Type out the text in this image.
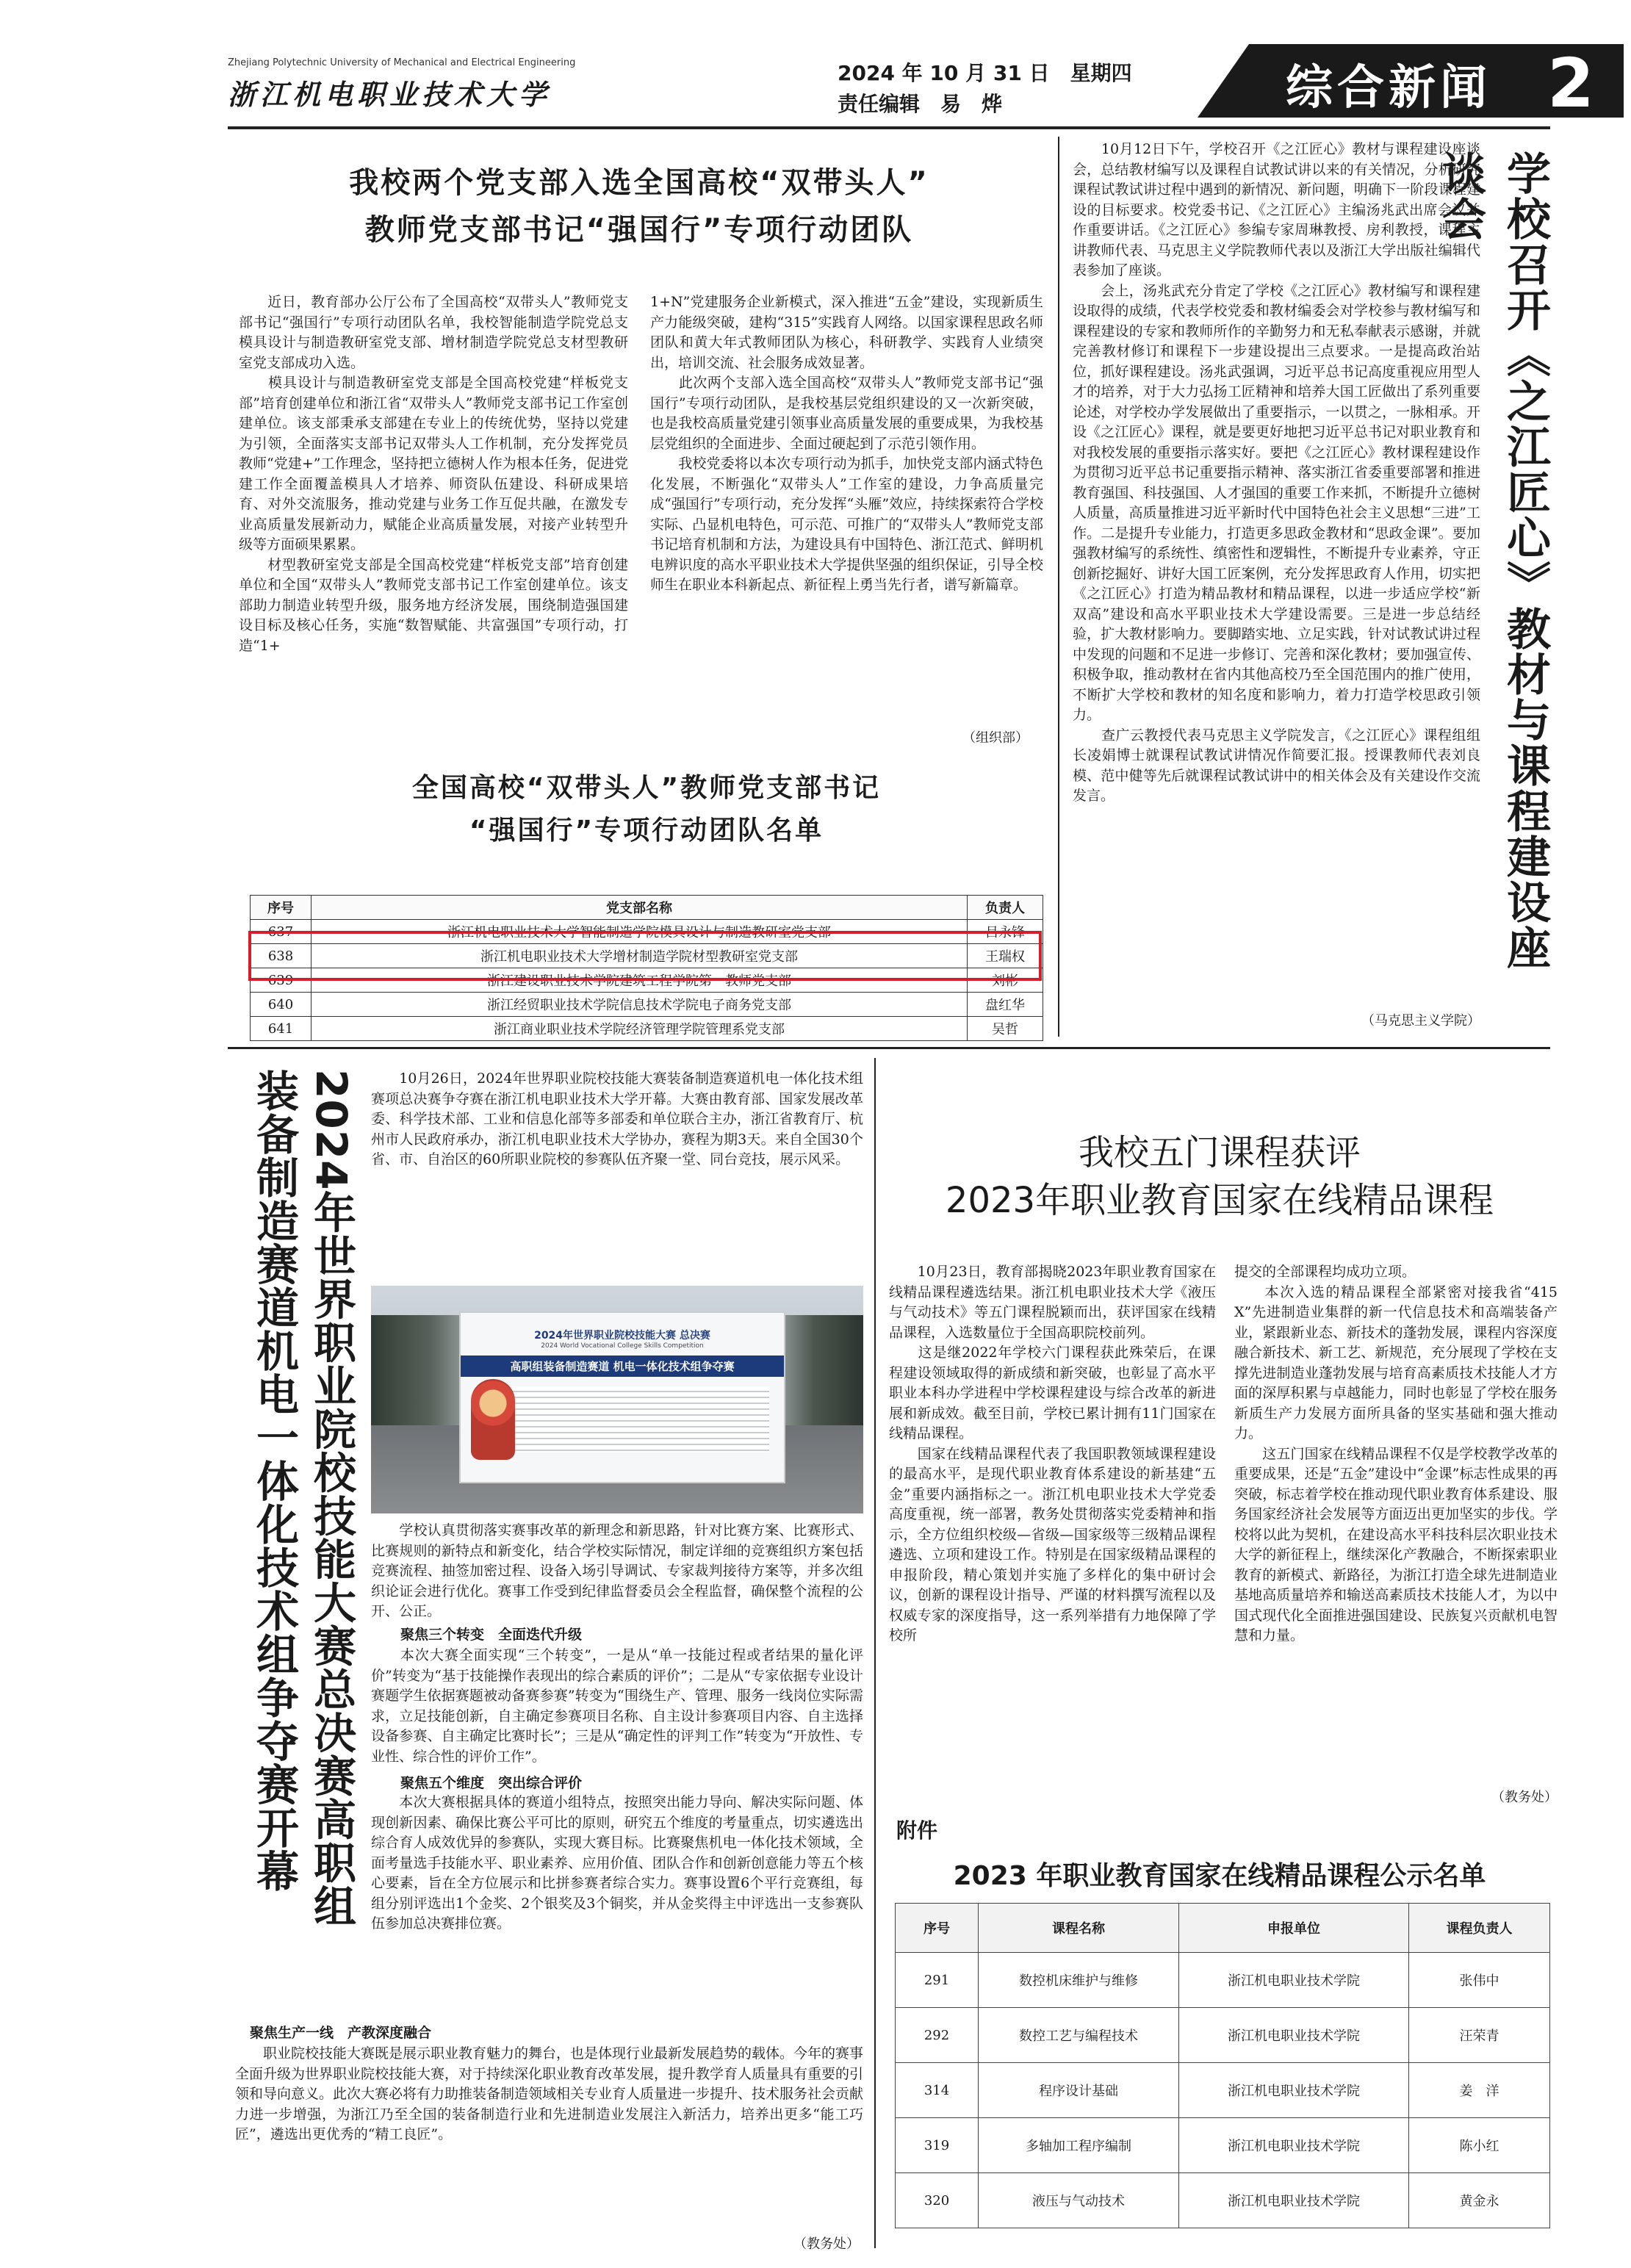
Zhejiang Polytechnic University of Mechanical and Electrical Engineering
浙江机电职业技术大学
2024 年 10 月 31 日　星期四
责任编辑　易　烨	综合新闻 2
我校两个党支部入选全国高校“双带头人”
教师党支部书记“强国行”专项行动团队
　　近日，教育部办公厅公布了全国高校“双带头人”教师党支部书记“强国行”专项行动团队名单，我校智能制造学院党总支模具设计与制造教研室党支部、增材制造学院党总支材型教研室党支部成功入选。
　　模具设计与制造教研室党支部是全国高校党建“样板党支部”培育创建单位和浙江省“双带头人”教师党支部书记工作室创建单位。该支部秉承支部建在专业上的传统优势，坚持以党建为引领，全面落实支部书记双带头人工作机制，充分发挥党员教师“党建+”工作理念，坚持把立德树人作为根本任务，促进党建工作全面覆盖模具人才培养、师资队伍建设、科研成果培育、对外交流服务，推动党建与业务工作互促共融，在激发专业高质量发展新动力，赋能企业高质量发展，对接产业转型升级等方面硕果累累。
　　材型教研室党支部是全国高校党建“样板党支部”培育创建单位和全国“双带头人”教师党支部书记工作室创建单位。该支部助力制造业转型升级，服务地方经济发展，围绕制造强国建设目标及核心任务，实施“数智赋能、共富强国”专项行动，打造“1+
1+N”党建服务企业新模式，深入推进“五金”建设，实现新质生产力能级突破，建构“315”实践育人网络。以国家课程思政名师团队和黄大年式教师团队为核心，科研教学、实践育人业绩突出，培训交流、社会服务成效显著。
　　此次两个支部入选全国高校“双带头人”教师党支部书记“强国行”专项行动团队，是我校基层党组织建设的又一次新突破，也是我校高质量党建引领事业高质量发展的重要成果，为我校基层党组织的全面进步、全面过硬起到了示范引领作用。
　　我校党委将以本次专项行动为抓手，加快党支部内涵式特色化发展，不断强化“双带头人”工作室的建设，力争高质量完成“强国行”专项行动，充分发挥“头雁”效应，持续探索符合学校实际、凸显机电特色，可示范、可推广的“双带头人”教师党支部书记培育机制和方法，为建设具有中国特色、浙江范式、鲜明机电辨识度的高水平职业技术大学提供坚强的组织保证，引导全校师生在职业本科新起点、新征程上勇当先行者，谱写新篇章。
（组织部）
全国高校“双带头人”教师党支部书记
“强国行”专项行动团队名单
序号	党支部名称	负责人
637	浙江机电职业技术大学智能制造学院模具设计与制造教研室党支部	吕永锋
638	浙江机电职业技术大学增材制造学院材型教研室党支部	王瑞权
639	浙江建设职业技术学院建筑工程学院第一教师党支部	刘彬
640	浙江经贸职业技术学院信息技术学院电子商务党支部	盘红华
641	浙江商业职业技术学院经济管理学院管理系党支部	吴哲
　　10月12日下午，学校召开《之江匠心》教材与课程建设座谈会，总结教材编写以及课程自试教试讲以来的有关情况，分析研究课程试教试讲过程中遇到的新情况、新问题，明确下一阶段课程建设的目标要求。校党委书记、《之江匠心》主编汤兆武出席会议并作重要讲话。《之江匠心》参编专家周琳教授、房利教授，课程主讲教师代表、马克思主义学院教师代表以及浙江大学出版社编辑代表参加了座谈。
　　会上，汤兆武充分肯定了学校《之江匠心》教材编写和课程建设取得的成绩，代表学校党委和教材编委会对学校参与教材编写和课程建设的专家和教师所作的辛勤努力和无私奉献表示感谢，并就完善教材修订和课程下一步建设提出三点要求。一是提高政治站位，抓好课程建设。汤兆武强调，习近平总书记高度重视应用型人才的培养，对于大力弘扬工匠精神和培养大国工匠做出了系列重要论述，对学校办学发展做出了重要指示，一以贯之，一脉相承。开设《之江匠心》课程，就是要更好地把习近平总书记对职业教育和对我校发展的重要指示落实好。要把《之江匠心》教材课程建设作为贯彻习近平总书记重要指示精神、落实浙江省委重要部署和推进教育强国、科技强国、人才强国的重要工作来抓，不断提升立德树人质量，高质量推进习近平新时代中国特色社会主义思想“三进”工作。二是提升专业能力，打造更多思政金教材和“思政金课”。要加强教材编写的系统性、缜密性和逻辑性，不断提升专业素养，守正创新挖掘好、讲好大国工匠案例，充分发挥思政育人作用，切实把《之江匠心》打造为精品教材和精品课程，以进一步适应学校“新双高”建设和高水平职业技术大学建设需要。三是进一步总结经验，扩大教材影响力。要脚踏实地、立足实践，针对试教试讲过程中发现的问题和不足进一步修订、完善和深化教材；要加强宣传、积极争取，推动教材在省内其他高校乃至全国范围内的推广使用，不断扩大学校和教材的知名度和影响力，着力打造学校思政引领力。
　　查广云教授代表马克思主义学院发言，《之江匠心》课程组组长凌娟博士就课程试教试讲情况作简要汇报。授课教师代表刘良模、范中健等先后就课程试教试讲中的相关体会及有关建设作交流发言。
（马克思主义学院）
学校召开《之江匠心》教材与课程建设座谈会
2024年世界职业院校技能大赛总决赛高职组装备制造赛道机电一体化技术组争夺赛开幕	　　10月26日，2024年世界职业院校技能大赛装备制造赛道机电一体化技术组赛项总决赛争夺赛在浙江机电职业技术大学开幕。大赛由教育部、国家发展改革委、科学技术部、工业和信息化部等多部委和单位联合主办，浙江省教育厅、杭州市人民政府承办，浙江机电职业技术大学协办，赛程为期3天。来自全国30个省、市、自治区的60所职业院校的参赛队伍齐聚一堂、同台竞技，展示风采。
2024年世界职业院校技能大赛 总决赛
2024 World Vocational College Skills Competition
高职组装备制造赛道 机电一体化技术组争夺赛
　　学校认真贯彻落实赛事改革的新理念和新思路，针对比赛方案、比赛形式、比赛规则的新特点和新变化，结合学校实际情况，制定详细的竞赛组织方案包括竞赛流程、抽签加密过程、设备入场引导调试、专家裁判接待方案等，并多次组织论证会进行优化。赛事工作受到纪律监督委员会全程监督，确保整个流程的公开、公正。
聚焦三个转变　全面迭代升级
　　本次大赛全面实现“三个转变”，一是从“单一技能过程或者结果的量化评价”转变为“基于技能操作表现出的综合素质的评价”；二是从“专家依据专业设计赛题学生依据赛题被动备赛参赛”转变为“围绕生产、管理、服务一线岗位实际需求，立足技能创新，自主确定参赛项目名称、自主设计参赛项目内容、自主选择设备参赛、自主确定比赛时长”；三是从“确定性的评判工作”转变为“开放性、专业性、综合性的评价工作”。
聚焦五个维度　突出综合评价
　　本次大赛根据具体的赛道小组特点，按照突出能力导向、解决实际问题、体现创新因素、确保比赛公平可比的原则，研究五个维度的考量重点，切实遴选出综合育人成效优异的参赛队，实现大赛目标。比赛聚焦机电一体化技术领域，全面考量选手技能水平、职业素养、应用价值、团队合作和创新创意能力等五个核心要素，旨在全方位展示和比拼参赛者综合实力。赛事设置6个平行竞赛组，每组分别评选出1个金奖、2个银奖及3个铜奖，并从金奖得主中评选出一支参赛队伍参加总决赛排位赛。
聚焦生产一线　产教深度融合
　　职业院校技能大赛既是展示职业教育魅力的舞台，也是体现行业最新发展趋势的载体。今年的赛事全面升级为世界职业院校技能大赛，对于持续深化职业教育改革发展，提升教学育人质量具有重要的引领和导向意义。此次大赛必将有力助推装备制造领域相关专业育人质量进一步提升、技术服务社会贡献力进一步增强，为浙江乃至全国的装备制造行业和先进制造业发展注入新活力，培养出更多“能工巧匠”，遴选出更优秀的“精工良匠”。
（教务处）
我校五门课程获评
2023年职业教育国家在线精品课程
　　10月23日，教育部揭晓2023年职业教育国家在线精品课程遴选结果。浙江机电职业技术大学《液压与气动技术》等五门课程脱颖而出，获评国家在线精品课程，入选数量位于全国高职院校前列。
　　这是继2022年学校六门课程获此殊荣后，在课程建设领域取得的新成绩和新突破，也彰显了高水平职业本科办学进程中学校课程建设与综合改革的新进展和新成效。截至目前，学校已累计拥有11门国家在线精品课程。
　　国家在线精品课程代表了我国职教领域课程建设的最高水平，是现代职业教育体系建设的新基建“五金”重要内涵指标之一。浙江机电职业技术大学党委高度重视，统一部署，教务处贯彻落实党委精神和指示，全方位组织校级—省级—国家级等三级精品课程遴选、立项和建设工作。特别是在国家级精品课程的申报阶段，精心策划并实施了多样化的集中研讨会议，创新的课程设计指导、严谨的材料撰写流程以及权威专家的深度指导，这一系列举措有力地保障了学校所
提交的全部课程均成功立项。
　　本次入选的精品课程全部紧密对接我省“415X”先进制造业集群的新一代信息技术和高端装备产业，紧跟新业态、新技术的蓬勃发展，课程内容深度融合新技术、新工艺、新规范，充分展现了学校在支撑先进制造业蓬勃发展与培育高素质技术技能人才方面的深厚积累与卓越能力，同时也彰显了学校在服务新质生产力发展方面所具备的坚实基础和强大推动力。
　　这五门国家在线精品课程不仅是学校教学改革的重要成果，还是“五金”建设中“金课”标志性成果的再突破，标志着学校在推动现代职业教育体系建设、服务国家经济社会发展等方面迈出更加坚实的步伐。学校将以此为契机，在建设高水平科技科层次职业技术大学的新征程上，继续深化产教融合，不断探索职业教育的新模式、新路径，为浙江打造全球先进制造业基地高质量培养和输送高素质技术技能人才，为以中国式现代化全面推进强国建设、民族复兴贡献机电智慧和力量。
（教务处）
附件
2023 年职业教育国家在线精品课程公示名单
序号	课程名称	申报单位	课程负责人
291	数控机床维护与维修	浙江机电职业技术学院	张伟中
292	数控工艺与编程技术	浙江机电职业技术学院	汪荣青
314	程序设计基础	浙江机电职业技术学院	姜　洋
319	多轴加工程序编制	浙江机电职业技术学院	陈小红
320	液压与气动技术	浙江机电职业技术学院	黄金永
